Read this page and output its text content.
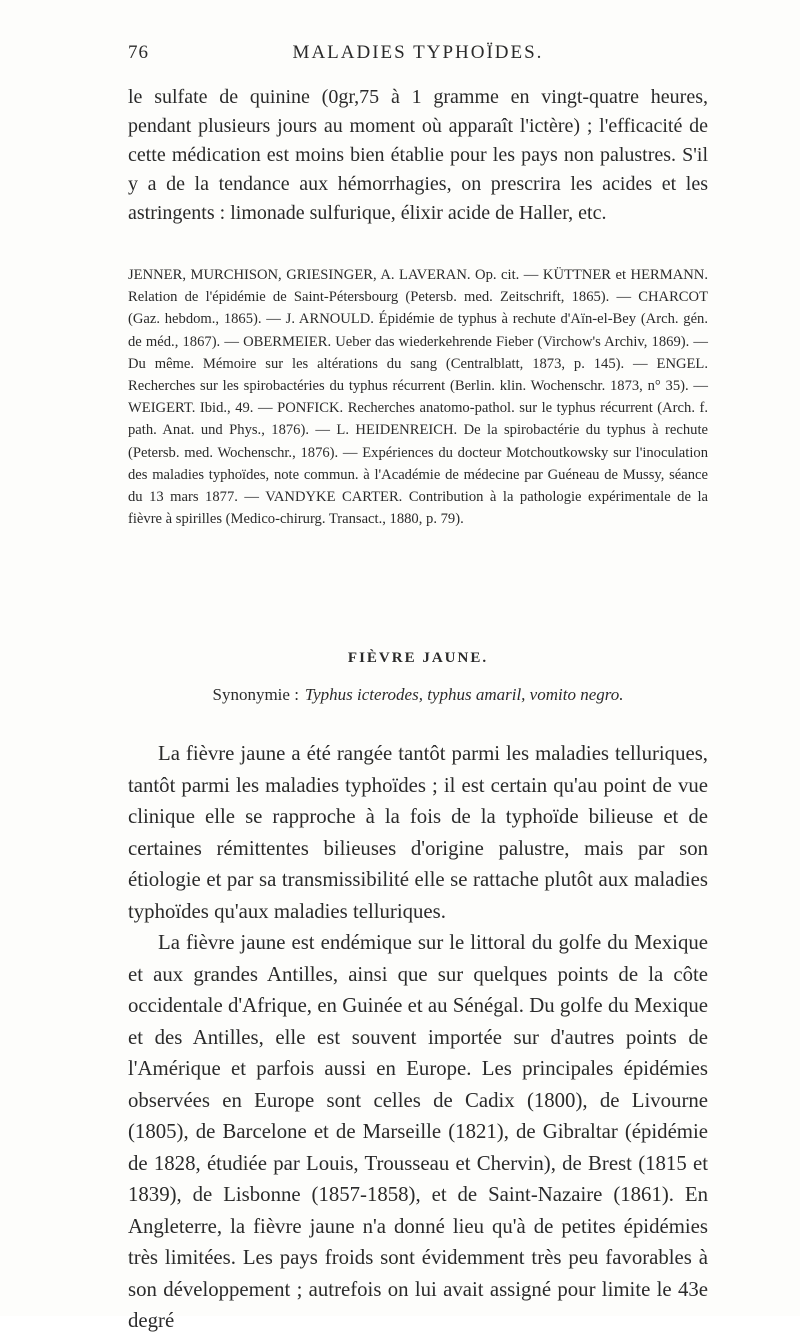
76	MALADIES TYPHOÏDES.

le sulfate de quinine (0gr,75 à 1 gramme en vingt-quatre heures, pendant plusieurs jours au moment où apparaît l'ictère) ; l'efficacité de cette médication est moins bien établie pour les pays non palustres. S'il y a de la tendance aux hémorrhagies, on prescrira les acides et les astringents : limonade sulfurique, élixir acide de Haller, etc.

JENNER, MURCHISON, GRIESINGER, A. LAVERAN. Op. cit. — KÜTTNER et HERMANN. Relation de l'épidémie de Saint-Pétersbourg (Petersb. med. Zeitschrift, 1865). — CHARCOT (Gaz. hebdom., 1865). — J. ARNOULD. Épidémie de typhus à rechute d'Aïn-el-Bey (Arch. gén. de méd., 1867). — OBERMEIER. Ueber das wiederkehrende Fieber (Virchow's Archiv, 1869). — Du même. Mémoire sur les altérations du sang (Centralblatt, 1873, p. 145). — ENGEL. Recherches sur les spirobactéries du typhus récurrent (Berlin. klin. Wochenschr. 1873, n° 35). — WEIGERT. Ibid., 49. — PONFICK. Recherches anatomo-pathol. sur le typhus récurrent (Arch. f. path. Anat. und Phys., 1876). — L. HEIDENREICH. De la spirobactérie du typhus à rechute (Petersb. med. Wochenschr., 1876). — Expériences du docteur Motchoutkowsky sur l'inoculation des maladies typhoïdes, note commun. à l'Académie de médecine par Guéneau de Mussy, séance du 13 mars 1877. — VANDYKE CARTER. Contribution à la pathologie expérimentale de la fièvre à spirilles (Medico-chirurg. Transact., 1880, p. 79).

FIÈVRE JAUNE.

Synonymie : Typhus icterodes, typhus amaril, vomito negro.

La fièvre jaune a été rangée tantôt parmi les maladies telluriques, tantôt parmi les maladies typhoïdes ; il est certain qu'au point de vue clinique elle se rapproche à la fois de la typhoïde bilieuse et de certaines rémittentes bilieuses d'origine palustre, mais par son étiologie et par sa transmissibilité elle se rattache plutôt aux maladies typhoïdes qu'aux maladies telluriques.

La fièvre jaune est endémique sur le littoral du golfe du Mexique et aux grandes Antilles, ainsi que sur quelques points de la côte occidentale d'Afrique, en Guinée et au Sénégal. Du golfe du Mexique et des Antilles, elle est souvent importée sur d'autres points de l'Amérique et parfois aussi en Europe. Les principales épidémies observées en Europe sont celles de Cadix (1800), de Livourne (1805), de Barcelone et de Marseille (1821), de Gibraltar (épidémie de 1828, étudiée par Louis, Trousseau et Chervin), de Brest (1815 et 1839), de Lisbonne (1857-1858), et de Saint-Nazaire (1861). En Angleterre, la fièvre jaune n'a donné lieu qu'à de petites épidémies très limitées. Les pays froids sont évidemment très peu favorables à son développement ; autrefois on lui avait assigné pour limite le 43e degré
